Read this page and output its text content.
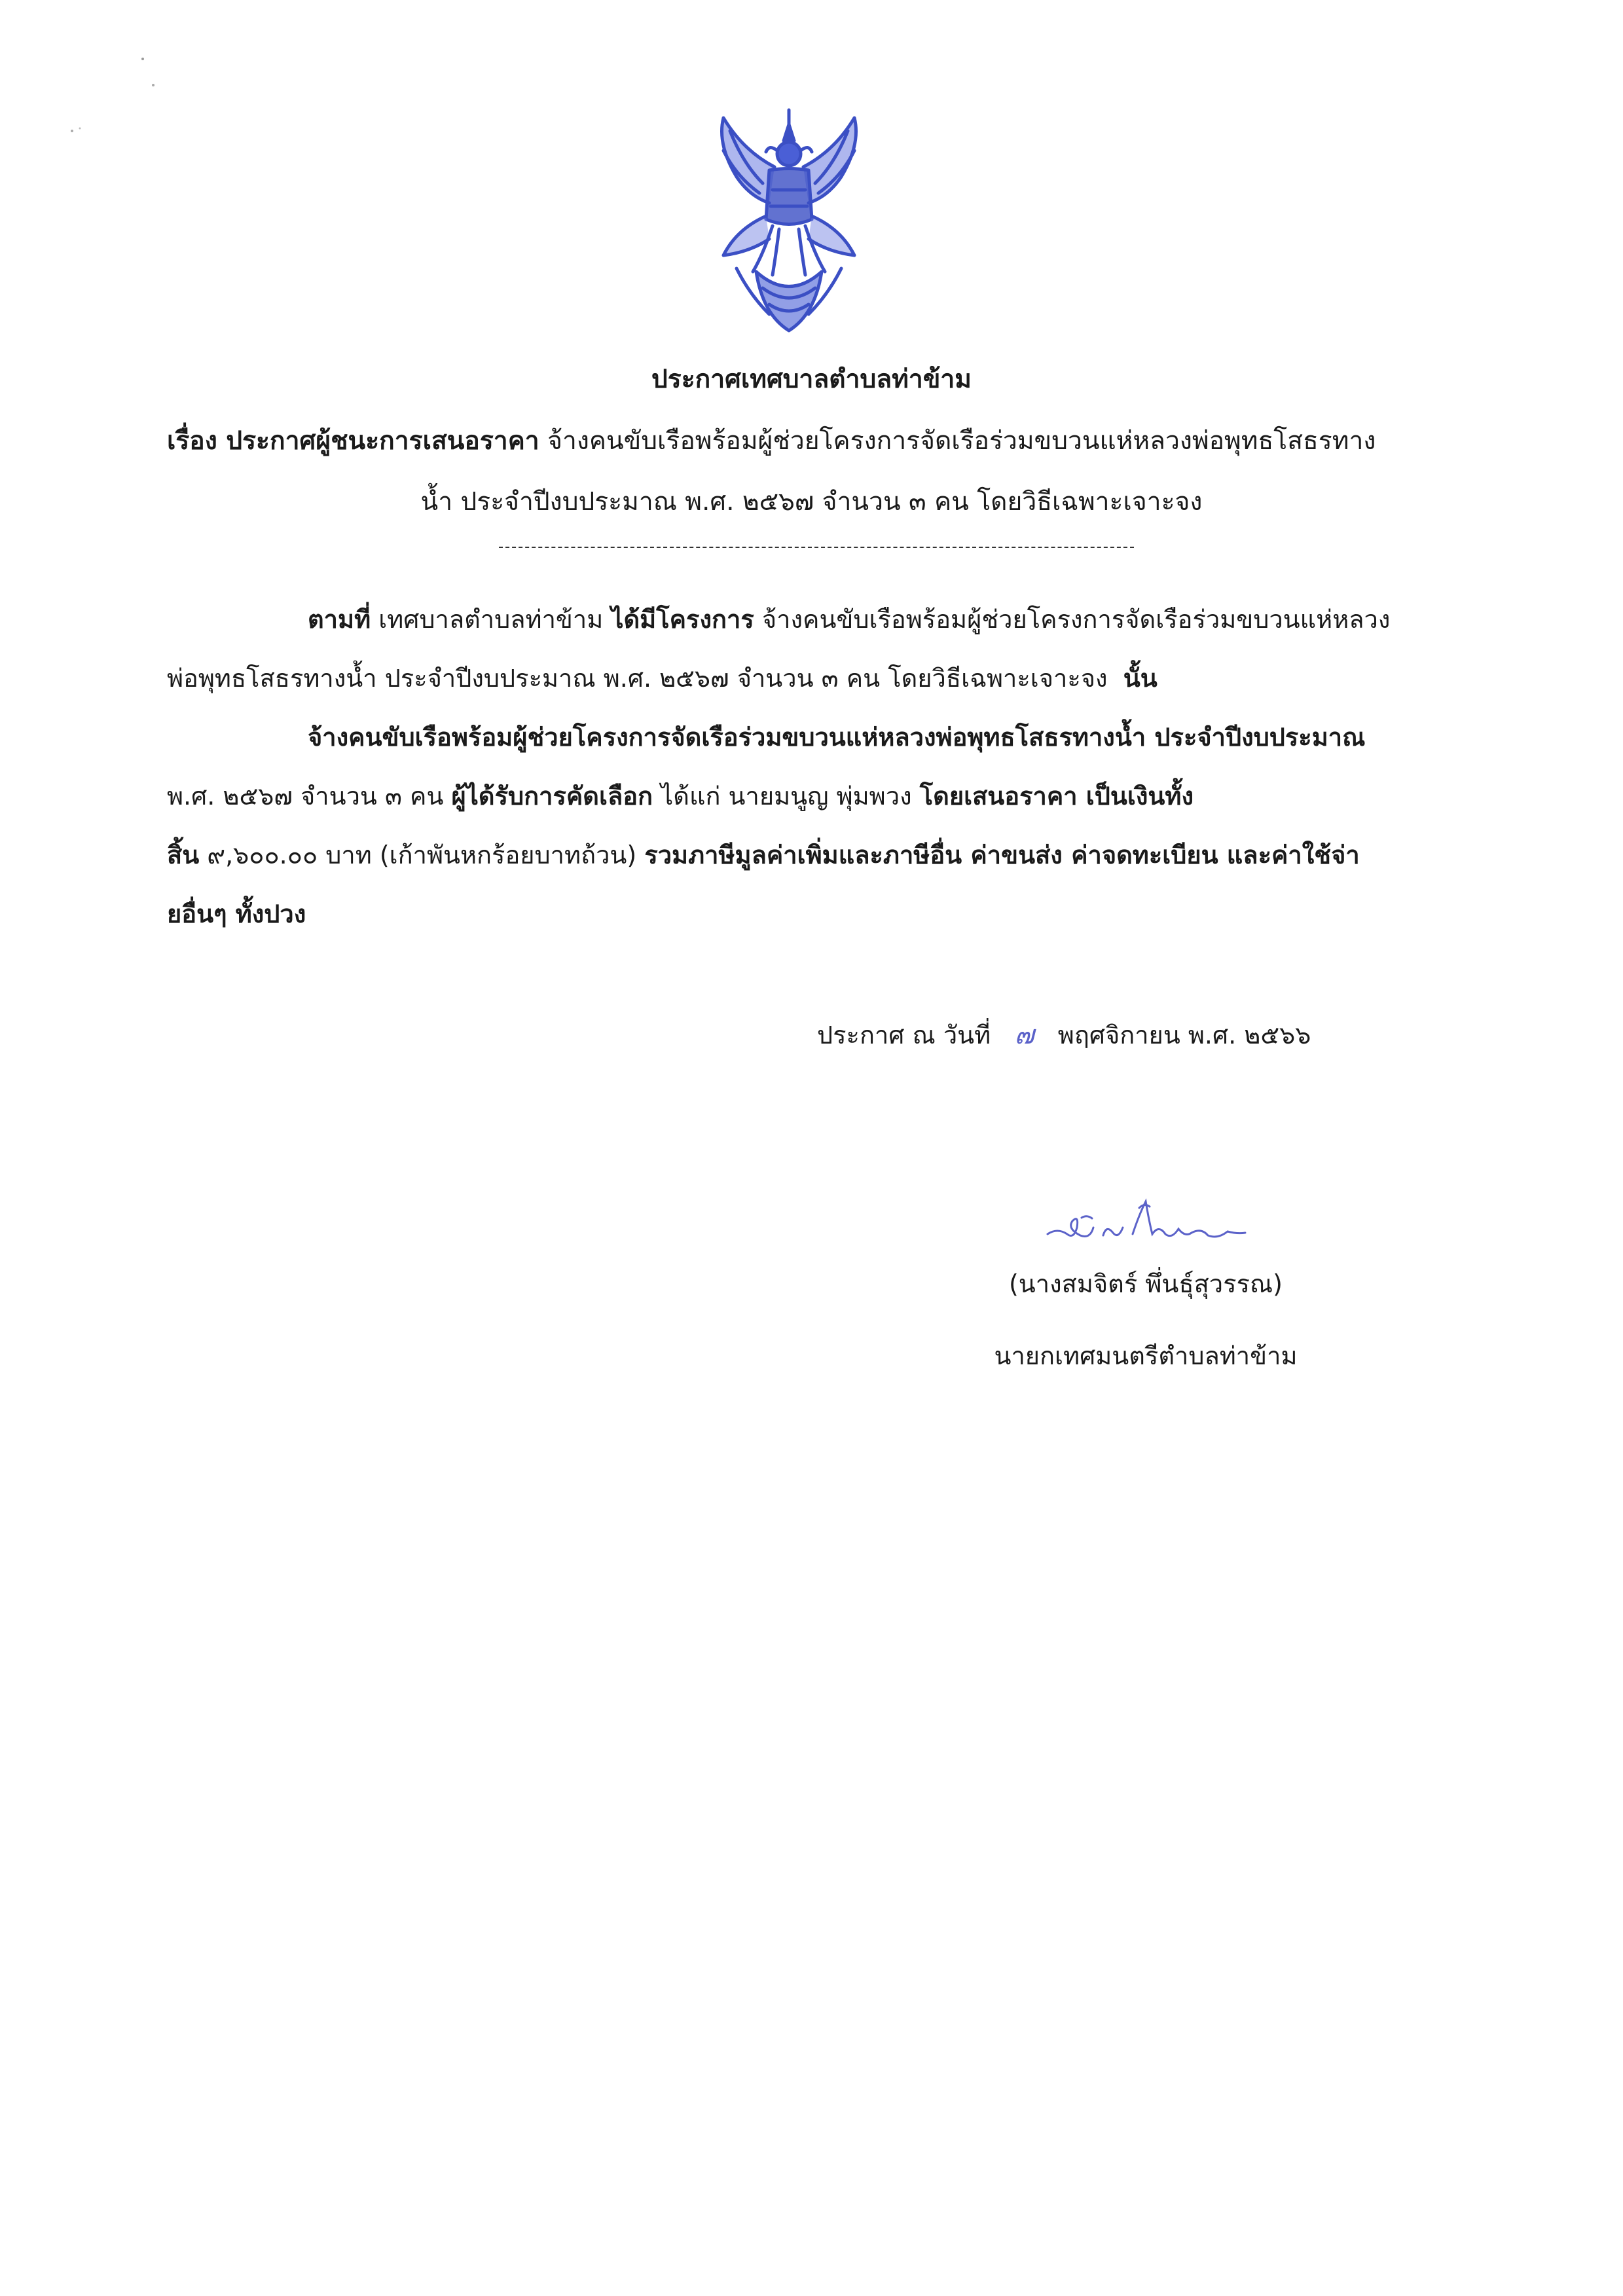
ประกาศเทศบาลตำบลท่าข้าม
เรื่อง ประกาศผู้ชนะการเสนอราคา จ้างคนขับเรือพร้อมผู้ช่วยโครงการจัดเรือร่วมขบวนแห่หลวงพ่อพุทธโสธรทาง
น้ำ ประจำปีงบประมาณ พ.ศ. ๒๕๖๗ จำนวน ๓ คน โดยวิธีเฉพาะเจาะจง
ตามที่ เทศบาลตำบลท่าข้าม ได้มีโครงการ จ้างคนขับเรือพร้อมผู้ช่วยโครงการจัดเรือร่วมขบวนแห่หลวง
พ่อพุทธโสธรทางน้ำ ประจำปีงบประมาณ พ.ศ. ๒๕๖๗ จำนวน ๓ คน โดยวิธีเฉพาะเจาะจง นั้น
จ้างคนขับเรือพร้อมผู้ช่วยโครงการจัดเรือร่วมขบวนแห่หลวงพ่อพุทธโสธรทางน้ำ ประจำปีงบประมาณ
พ.ศ. ๒๕๖๗ จำนวน ๓ คน ผู้ได้รับการคัดเลือก ได้แก่ นายมนูญ พุ่มพวง โดยเสนอราคา เป็นเงินทั้ง
สิ้น ๙,๖๐๐.๐๐ บาท (เก้าพันหกร้อยบาทถ้วน) รวมภาษีมูลค่าเพิ่มและภาษีอื่น ค่าขนส่ง ค่าจดทะเบียน และค่าใช้จ่า
ยอื่นๆ ทั้งปวง
ประกาศ ณ วันที่ ๗ พฤศจิกายน พ.ศ. ๒๕๖๖
(นางสมจิตร์ พึ่นธุ์สุวรรณ)
นายกเทศมนตรีตำบลท่าข้าม
